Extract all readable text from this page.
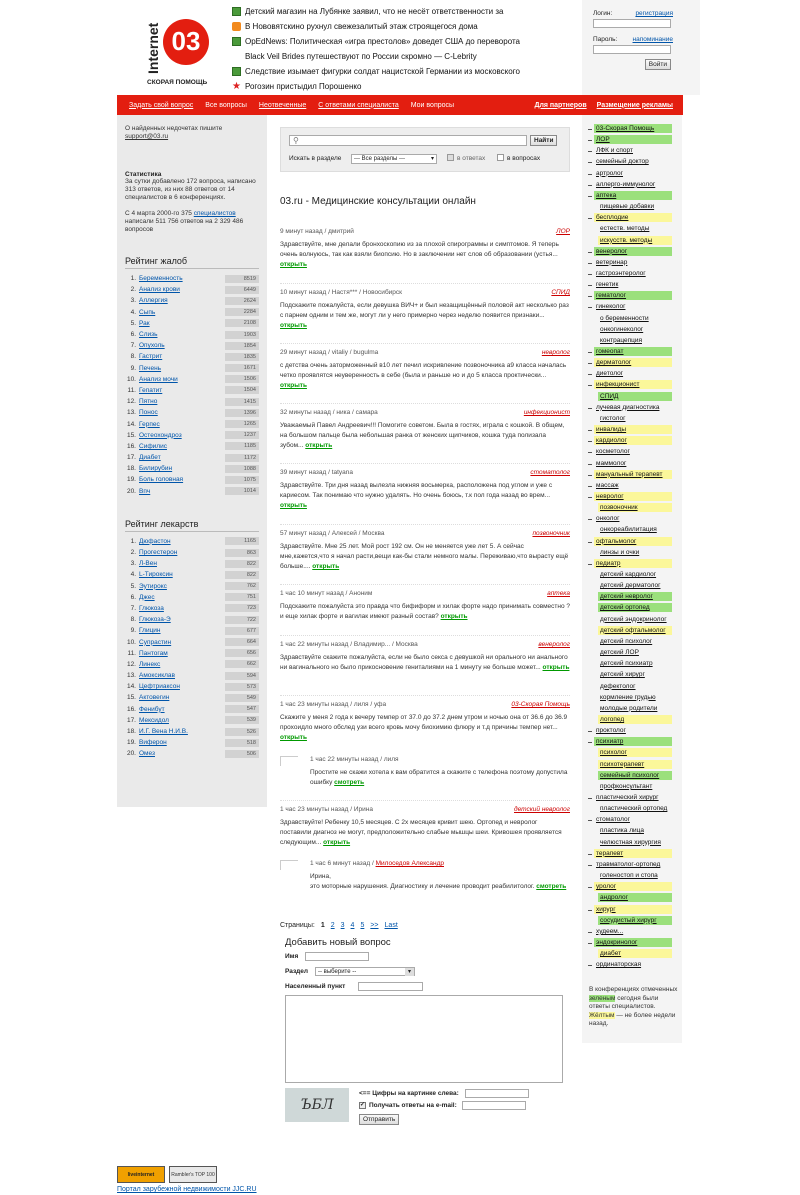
Internet 03
СКОРАЯ ПОМОЩЬ
Детский магазин на Лубянке заявил, что не несёт ответственности за
В Нововятскино рухнул свежезалитый этаж строящегося дома
OpEdNews: Политическая «игра престолов» доведет США до переворота
Black Veil Brides путешествуют по России скромно — C-Lebrity
Следствие изымает фигурки солдат нацистской Германии из московского
★ Рогозин пристыдил Порошенко
Логин:	регистрация
Пароль: напоминание
Войти
Задать свой вопрос Все вопросы Неотвеченные С ответами специалиста Мои вопросы	Для партнеров Размещение рекламы
О найденных недочетах пишите
support@03.ru
Статистика
За сутки добавлено 172 вопроса, написано 313 ответов, из них 88 ответов от 14 специалистов в 6 конференциях.
С 4 марта 2000-го 375 специалистов написали 511 756 ответов на 2 329 486 вопросов
Рейтинг жалоб
1. Беременность	8519
2. Анализ крови	6449
3. Аллергия	2624
4. Сыпь	2284
5. Рак	2108
6. Слизь	1903
7. Опухоль	1854
8. Гастрит	1835
9. Печень	1671
10. Анализ мочи	1506
11. Гепатит	1504
12. Пятно	1415
13. Понос	1396
14. Герпес	1265
15. Остеохондроз	1237
16. Сифилис	1185
17. Диабет	1172
18. Билирубин	1088
19. Боль головная	1075
20. Впч	1014
Рейтинг лекарств
1. Дюфастон	1165
2. Прогестерон	863
3. Л-Вен	822
4. L-Тироксин	822
5. Эутирокс	762
6. Джес	751
7. Глюкоза	723
8. Глюкоза-Э	722
9. Глицин	677
10. Супрастин	664
11. Пантогам	656
12. Линекс	662
13. Амоксиклав	594
14. Цефтриаксон	573
15. Актовегин	549
16. Фенибут	547
17. Мексидол	539
18. И.Г. Вена Н.И.В.	526
19. Виферон	518
20. Омез	506
⚲	Найти
Искать в разделе	--- Все разделы ---	▾	в ответах	в вопросах
03.ru - Медицинские консультации онлайн
9 минут назад / дмитрий	ЛОР
Здравствуйте, мне делали бронхоскопию из за плохой спирограммы и симптомов. Я теперь очень волнуюсь, так как взяли биопсию. Но в заключении нет слов об образовании (устья... открыть
10 минут назад / Настя*** / Новосибирск	СПИД
Подскажите пожалуйста, если девушка ВИЧ+ и был незащищённый половой акт несколько раз с парнем одним и тем же, могут ли у него примерно через неделю появится признаки... открыть
29 минут назад / vitaliy / bugulma	невролог
с детства очень заторможенный в10 лет печил искривление позвоночника а9 класса началась четко проявлятся неуверенность в себе (была и раньше но и до 5 класса проктически... открыть
32 минуты назад / ника / самара	инфекционист
Уважаемый Павел Андреевич!!! Помогите советом. Была в гостях, играла с кошкой. В общем, на большом пальце была небольшая ранка от женских щипчиков, кошка туда полизала зубом... открыть
39 минут назад / tatyana	стоматолог
Здравствуйте. Три дня назад вылезла нижняя восьмерка, расположена под углом и уже с кариесом. Так понимаю что нужно удалять. Но очень боюсь, т.к пол года назад во врем... открыть
57 минут назад / Алексей / Москва	позвоночник
Здравствуйте. Мне 25 лет. Мой рост 192 см. Он не меняется уже лет 5. А сейчас мне,кажется,что я начал расти,вещи как-бы стали немного малы. Переживаю,что вырасту ещё больше.... открыть
1 час 10 минут назад / Аноним	аптека
Подскажите пожалуйста это правда что бифиформ и хилак форте надо принимать совместно ?и еще хилак форте и вагилак имеют разный состав? открыть
1 час 22 минуты назад / Владимир... / Москва	венеролог
Здравствуйте скажите пожалуйста, если не было секса с девушкой ни орального ни анального ни вагинального но было прикосновение гениталиями на 1 минуту не больше может... открыть
1 час 23 минуты назад / лиля / уфа	03-Скорая Помощь
Скажите у меня 2 года к вечеру темпер от 37.0 до 37.2 днем утром и ночью она от 36.6 до 36.9 прохоидло много обслед узи всего кровь мочу биохимию флюру и т.д причины темпер нет... открыть
1 час 23 минуты назад / Ирина	детский невролог
Здравствуйте! Ребенку 10,5 месяцев. С 2х месяцев кривит шею. Ортопед и невролог поставили диагноз не могут, предположительно слабые мышцы шеи. Кривошея проявляется следующим... открыть
1 час 22 минуты назад / лиля
Простите не скажи хотела к вам обратится а скажите с телефона поэтому допустила ошибку смотреть
1 час 6 минут назад / Милоседов Александр
Ирина,
это моторные нарушения. Диагностику и лечение проводит реабилитолог. смотреть
Страницы: 1 2 3 4 5 >> Last
Добавить новый вопрос
Имя
Раздел	-- выберите --	▾
Населенный пункт
ЪБЛ
<== Цифры на картинке слева:
✓ Получать ответы на e-mail:
Отправить
03-Скорая Помощь
ЛОР
ЛФК и спорт
семейный доктор
артролог
аллерго-иммунолог
аптека
пищевые добавки
бесплодие
естеств. методы
искусств. методы
венеролог
ветеринар
гастроэнтеролог
генетик
гематолог
гинеколог
о беременности
онкогинеколог
контрацепция
гомеопат
дерматолог
диетолог
инфекционист
СПИД
лучевая диагностика
гистолог
инвалиды
кардиолог
косметолог
маммолог
мануальный терапевт
массаж
невролог
позвоночник
онколог
онкореабилитация
офтальмолог
линзы и очки
педиатр
детский кардиолог
детский дерматолог
детский невролог
детский ортопед
детский эндокринолог
детский офтальмолог
детский психолог
детский ЛОР
детский психиатр
детский хирург
дефектолог
кормление грудью
молодые родители
логопед
проктолог
психиатр
психолог
психотерапевт
семейный психолог
профконсультант
пластический хирург
пластический ортопед
стоматолог
пластика лица
челюстная хирургия
терапевт
травматолог-ортопед
голеностоп и стопа
уролог
андролог
хирург
сосудистый хирург
худеем...
эндокринолог
диабет
ординаторская
В конференциях отмеченных зеленым сегодня были ответы специалистов.
Жёлтым — не более недели назад.
liveinternet	Rambler's TOP 100
Портал зарубежной недвижимости JJC.RU
